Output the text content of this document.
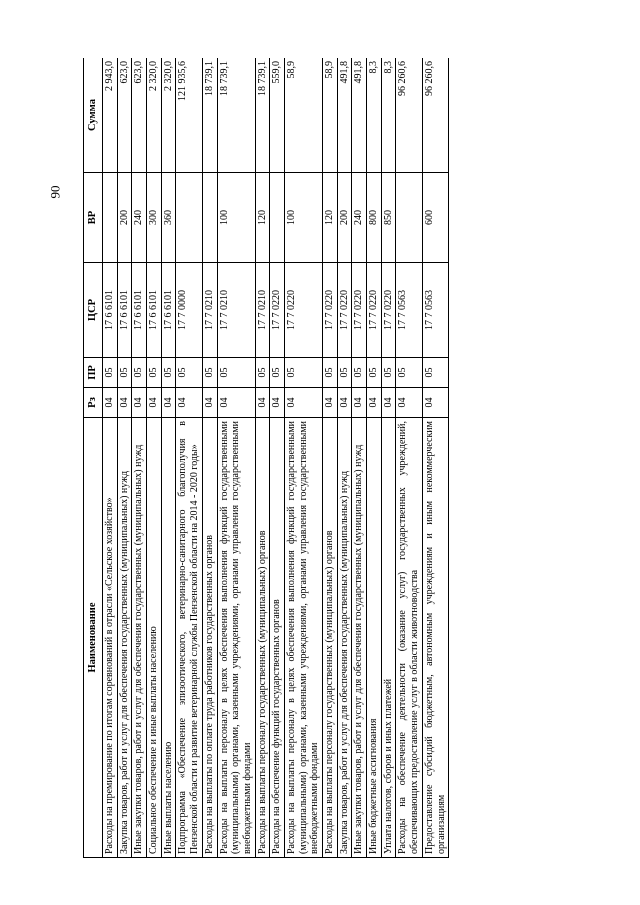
90
Наименование	Рз	ПР	ЦСР	ВР	Сумма
Расходы на премирование по итогам соревнований в отрасли «Сельское хозяйство»	04	05	17 6 6101		2 943,0
Закупка товаров, работ и услуг для обеспечения государственных (муниципальных) нужд	04	05	17 6 6101	200	623,0
Иные закупки товаров, работ и услуг для обеспечения государственных (муниципальных) нужд	04	05	17 6 6101	240	623,0
Социальное обеспечение и иные выплаты населению	04	05	17 6 6101	300	2 320,0
Иные выплаты населению	04	05	17 6 6101	360	2 320,0
Подпрограмма «Обеспечение эпизоотического, ветеринарно-санитарного благополучия в Пензенской области и развитие ветеринарной службы Пензенской области на 2014 - 2020 годы»	04	05	17 7 0000		121 935,6
Расходы на выплаты по оплате труда работников государственных органов	04	05	17 7 0210		18 739,1
Расходы на выплаты персоналу в целях обеспечения выполнения функций государственными (муниципальными) органами, казенными учреждениями, органами управления государственными внебюджетными фондами	04	05	17 7 0210	100	18 739,1
Расходы на выплаты персоналу государственных (муниципальных) органов	04	05	17 7 0210	120	18 739,1
Расходы на обеспечение функций государственных органов	04	05	17 7 0220		559,0
Расходы на выплаты персоналу в целях обеспечения выполнения функций государственными (муниципальными) органами, казенными учреждениями, органами управления государственными внебюджетными фондами	04	05	17 7 0220	100	58,9
Расходы на выплаты персоналу государственных (муниципальных) органов	04	05	17 7 0220	120	58,9
Закупка товаров, работ и услуг для обеспечения государственных (муниципальных) нужд	04	05	17 7 0220	200	491,8
Иные закупки товаров, работ и услуг для обеспечения государственных (муниципальных) нужд	04	05	17 7 0220	240	491,8
Иные бюджетные ассигнования	04	05	17 7 0220	800	8,3
Уплата налогов, сборов и иных платежей	04	05	17 7 0220	850	8,3
Расходы на обеспечение деятельности (оказание услуг) государственных учреждений, обеспечивающих предоставление услуг в области животноводства	04	05	17 7 0563		96 260,6
Предоставление субсидий бюджетным, автономным учреждениям и иным некоммерческим организациям	04	05	17 7 0563	600	96 260,6
